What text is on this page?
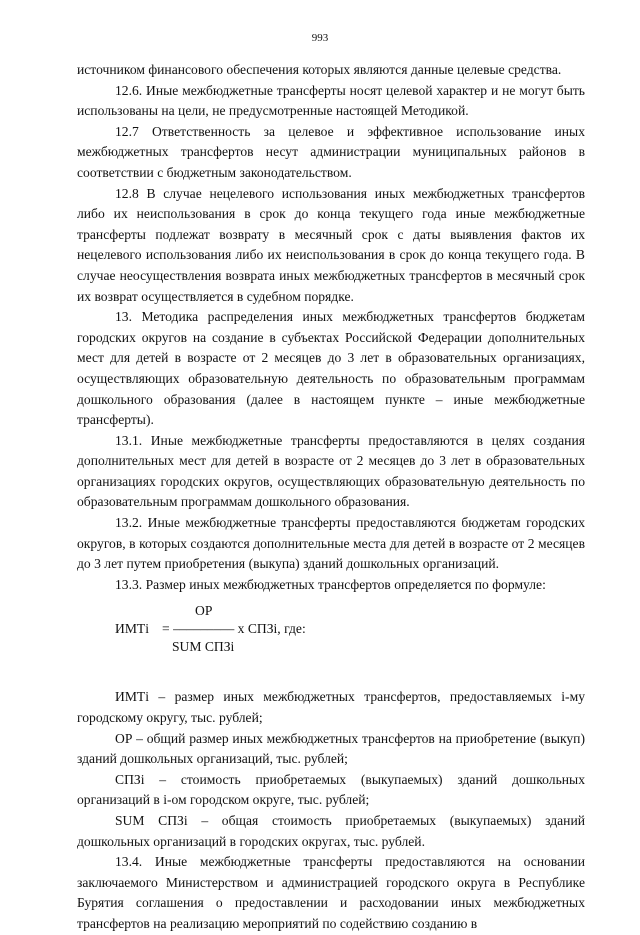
993

источником финансового обеспечения которых являются данные целевые средства.

12.6. Иные межбюджетные трансферты носят целевой характер и не могут быть использованы на цели, не предусмотренные настоящей Методикой.

12.7 Ответственность за целевое и эффективное использование иных межбюджетных трансфертов несут администрации муниципальных районов в соответствии с бюджетным законодательством.

12.8 В случае нецелевого использования иных межбюджетных трансфертов либо их неиспользования в срок до конца текущего года иные межбюджетные трансферты подлежат возврату в месячный срок с даты выявления фактов их нецелевого использования либо их неиспользования в срок до конца текущего года. В случае неосуществления возврата иных межбюджетных трансфертов в месячный срок их возврат осуществляется в судебном порядке.

13. Методика распределения иных межбюджетных трансфертов бюджетам городских округов на создание в субъектах Российской Федерации дополнительных мест для детей в возрасте от 2 месяцев до 3 лет в образовательных организациях, осуществляющих образовательную деятельность по образовательным программам дошкольного образования (далее в настоящем пункте – иные межбюджетные трансферты).

13.1. Иные межбюджетные трансферты предоставляются в целях создания дополнительных мест для детей в возрасте от 2 месяцев до 3 лет в образовательных организациях городских округов, осуществляющих образовательную деятельность по образовательным программам дошкольного образования.

13.2. Иные межбюджетные трансферты предоставляются бюджетам городских округов, в которых создаются дополнительные места для детей в возрасте от 2 месяцев до 3 лет путем приобретения (выкупа) зданий дошкольных организаций.

13.3. Размер иных межбюджетных трансфертов определяется по формуле:

ОР
ИМТi = ––––––––– х СПЗi, где:
SUM СПЗi

ИМТi – размер иных межбюджетных трансфертов, предоставляемых i-му городскому округу, тыс. рублей;

ОР – общий размер иных межбюджетных трансфертов на приобретение (выкуп) зданий дошкольных организаций, тыс. рублей;

СПЗi – стоимость приобретаемых (выкупаемых) зданий дошкольных организаций в i-ом городском округе, тыс. рублей;

SUM СПЗi – общая стоимость приобретаемых (выкупаемых) зданий дошкольных организаций в городских округах, тыс. рублей.

13.4. Иные межбюджетные трансферты предоставляются на основании заключаемого Министерством и администрацией городского округа в Республике Бурятия соглашения о предоставлении и расходовании иных межбюджетных трансфертов на реализацию мероприятий по содействию созданию в
